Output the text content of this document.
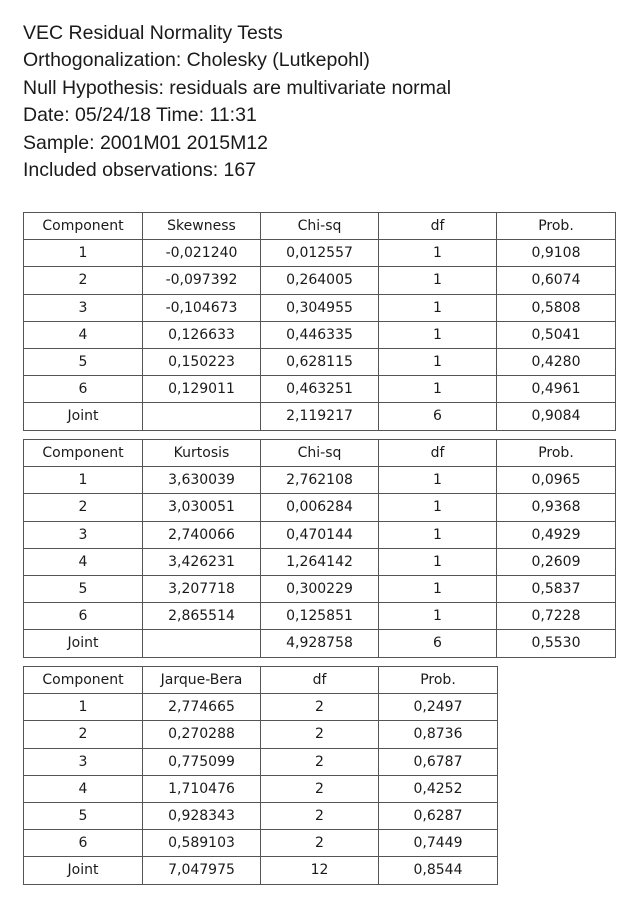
VEC Residual Normality Tests
Orthogonalization: Cholesky (Lutkepohl)
Null Hypothesis: residuals are multivariate normal
Date: 05/24/18 Time: 11:31
Sample: 2001M01 2015M12
Included observations: 167
Component	Skewness	Chi-sq	df	Prob.
1	-0,021240	0,012557	1	0,9108
2	-0,097392	0,264005	1	0,6074
3	-0,104673	0,304955	1	0,5808
4	0,126633	0,446335	1	0,5041
5	0,150223	0,628115	1	0,4280
6	0,129011	0,463251	1	0,4961
Joint		2,119217	6	0,9084
Component	Kurtosis	Chi-sq	df	Prob.
1	3,630039	2,762108	1	0,0965
2	3,030051	0,006284	1	0,9368
3	2,740066	0,470144	1	0,4929
4	3,426231	1,264142	1	0,2609
5	3,207718	0,300229	1	0,5837
6	2,865514	0,125851	1	0,7228
Joint		4,928758	6	0,5530
Component	Jarque-Bera	df	Prob.
1	2,774665	2	0,2497
2	0,270288	2	0,8736
3	0,775099	2	0,6787
4	1,710476	2	0,4252
5	0,928343	2	0,6287
6	0,589103	2	0,7449
Joint	7,047975	12	0,8544
